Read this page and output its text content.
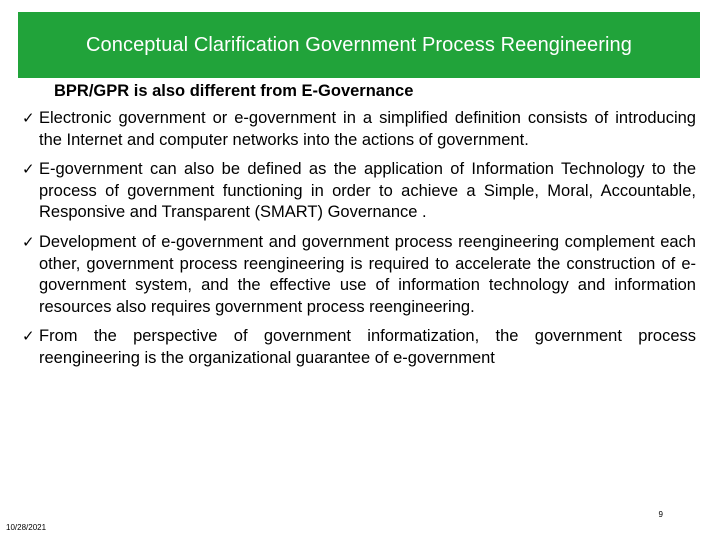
Conceptual Clarification Government Process Reengineering
BPR/GPR is also different from E-Governance
✓ Electronic government or e-government in a simplified definition consists of introducing the Internet and computer networks into the actions of government.
✓ E-government can also be defined as the application of Information Technology to the process of government functioning in order to achieve a Simple, Moral, Accountable, Responsive and Transparent (SMART) Governance .
✓ Development of e-government and government process reengineering complement each other, government process reengineering is required to accelerate the construction of e-government system, and the effective use of information technology and information resources also requires government process reengineering.
✓ From the perspective of government informatization, the government process reengineering is the organizational guarantee of e-government
9
10/28/2021
